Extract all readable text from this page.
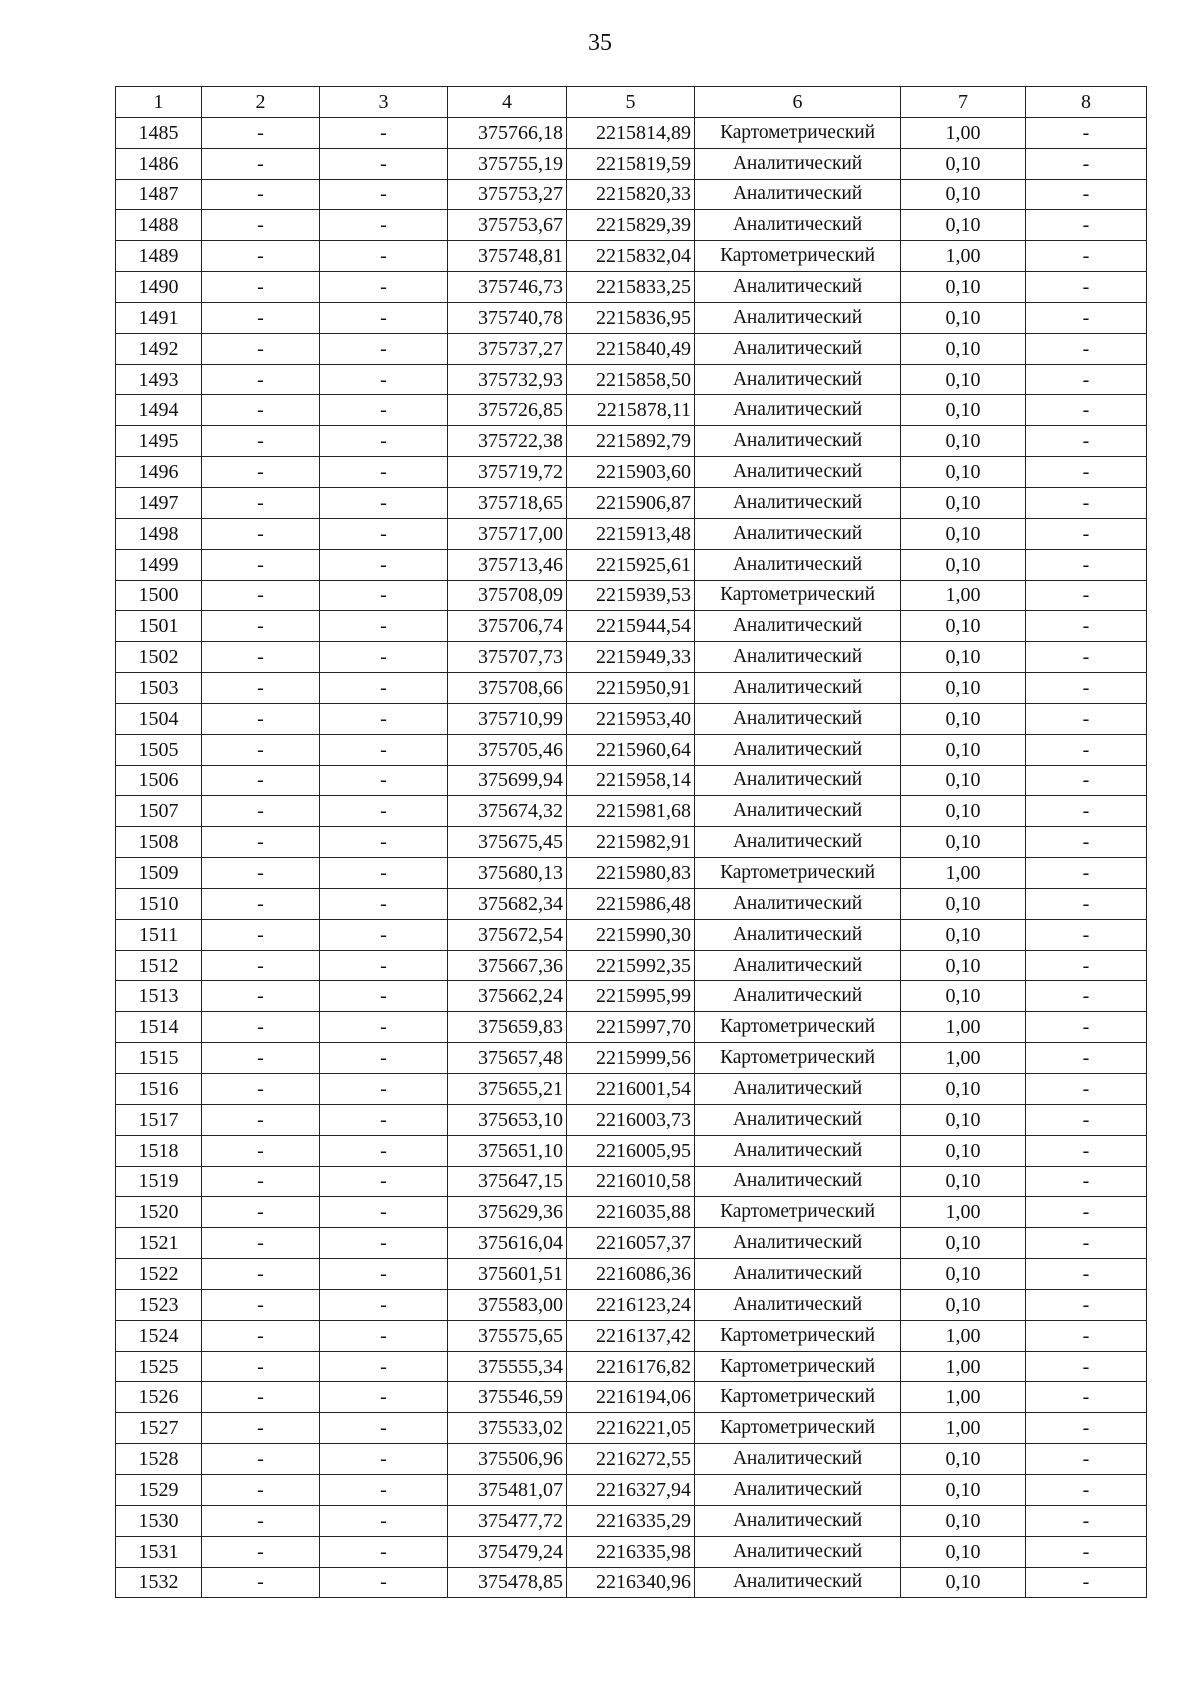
35
1	2	3	4	5	6	7	8
1485	-	-	375766,18	2215814,89	Картометрический	1,00	-
1486	-	-	375755,19	2215819,59	Аналитический	0,10	-
1487	-	-	375753,27	2215820,33	Аналитический	0,10	-
1488	-	-	375753,67	2215829,39	Аналитический	0,10	-
1489	-	-	375748,81	2215832,04	Картометрический	1,00	-
1490	-	-	375746,73	2215833,25	Аналитический	0,10	-
1491	-	-	375740,78	2215836,95	Аналитический	0,10	-
1492	-	-	375737,27	2215840,49	Аналитический	0,10	-
1493	-	-	375732,93	2215858,50	Аналитический	0,10	-
1494	-	-	375726,85	2215878,11	Аналитический	0,10	-
1495	-	-	375722,38	2215892,79	Аналитический	0,10	-
1496	-	-	375719,72	2215903,60	Аналитический	0,10	-
1497	-	-	375718,65	2215906,87	Аналитический	0,10	-
1498	-	-	375717,00	2215913,48	Аналитический	0,10	-
1499	-	-	375713,46	2215925,61	Аналитический	0,10	-
1500	-	-	375708,09	2215939,53	Картометрический	1,00	-
1501	-	-	375706,74	2215944,54	Аналитический	0,10	-
1502	-	-	375707,73	2215949,33	Аналитический	0,10	-
1503	-	-	375708,66	2215950,91	Аналитический	0,10	-
1504	-	-	375710,99	2215953,40	Аналитический	0,10	-
1505	-	-	375705,46	2215960,64	Аналитический	0,10	-
1506	-	-	375699,94	2215958,14	Аналитический	0,10	-
1507	-	-	375674,32	2215981,68	Аналитический	0,10	-
1508	-	-	375675,45	2215982,91	Аналитический	0,10	-
1509	-	-	375680,13	2215980,83	Картометрический	1,00	-
1510	-	-	375682,34	2215986,48	Аналитический	0,10	-
1511	-	-	375672,54	2215990,30	Аналитический	0,10	-
1512	-	-	375667,36	2215992,35	Аналитический	0,10	-
1513	-	-	375662,24	2215995,99	Аналитический	0,10	-
1514	-	-	375659,83	2215997,70	Картометрический	1,00	-
1515	-	-	375657,48	2215999,56	Картометрический	1,00	-
1516	-	-	375655,21	2216001,54	Аналитический	0,10	-
1517	-	-	375653,10	2216003,73	Аналитический	0,10	-
1518	-	-	375651,10	2216005,95	Аналитический	0,10	-
1519	-	-	375647,15	2216010,58	Аналитический	0,10	-
1520	-	-	375629,36	2216035,88	Картометрический	1,00	-
1521	-	-	375616,04	2216057,37	Аналитический	0,10	-
1522	-	-	375601,51	2216086,36	Аналитический	0,10	-
1523	-	-	375583,00	2216123,24	Аналитический	0,10	-
1524	-	-	375575,65	2216137,42	Картометрический	1,00	-
1525	-	-	375555,34	2216176,82	Картометрический	1,00	-
1526	-	-	375546,59	2216194,06	Картометрический	1,00	-
1527	-	-	375533,02	2216221,05	Картометрический	1,00	-
1528	-	-	375506,96	2216272,55	Аналитический	0,10	-
1529	-	-	375481,07	2216327,94	Аналитический	0,10	-
1530	-	-	375477,72	2216335,29	Аналитический	0,10	-
1531	-	-	375479,24	2216335,98	Аналитический	0,10	-
1532	-	-	375478,85	2216340,96	Аналитический	0,10	-
